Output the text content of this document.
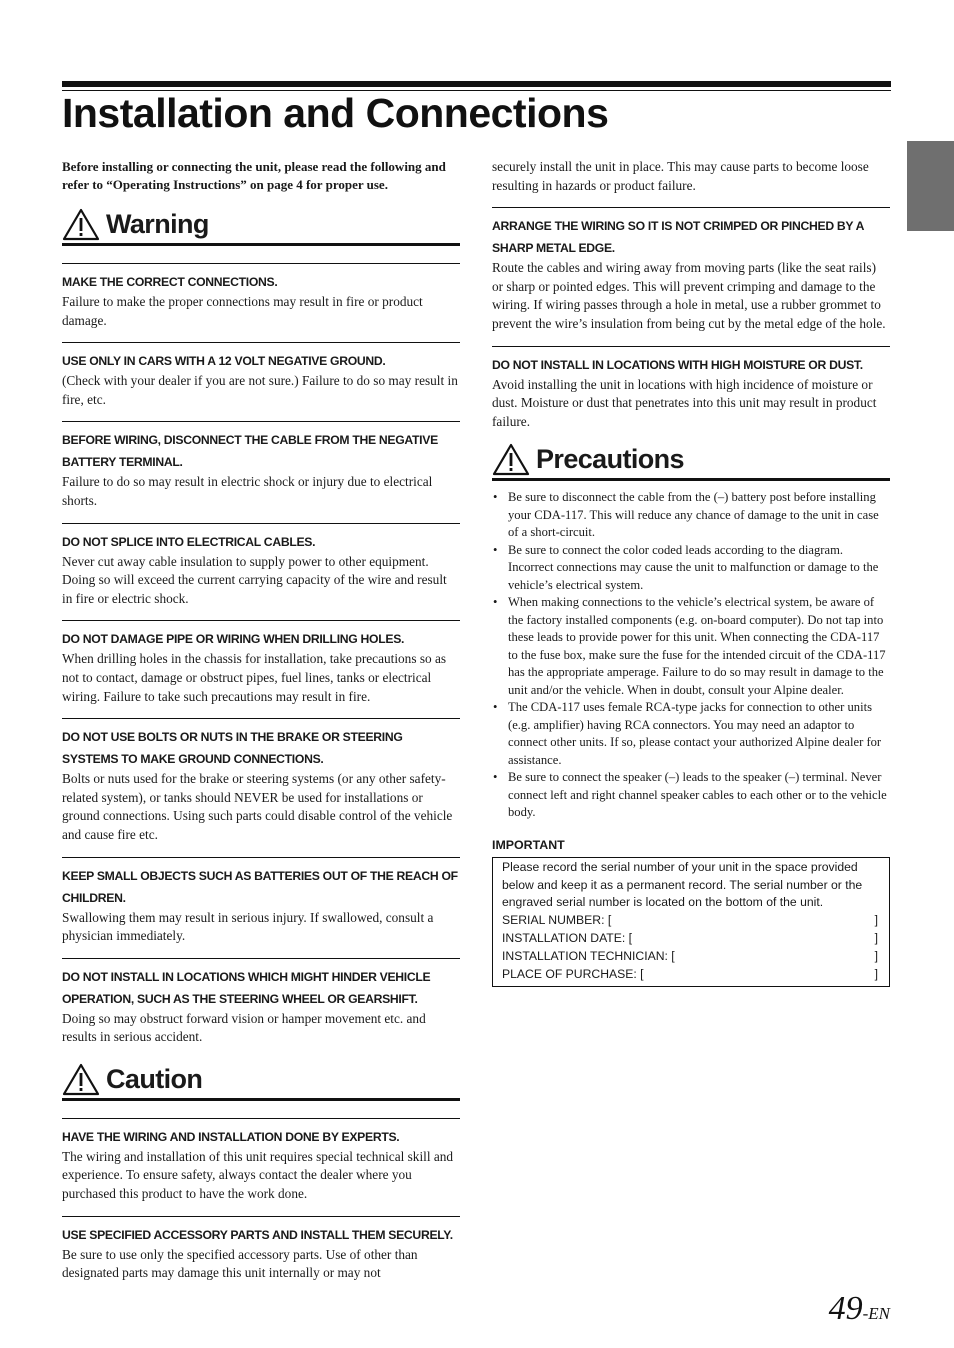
Installation and Connections

Before installing or connecting the unit, please read the following and refer to “Operating Instructions” on page 4 for proper use.

Warning

MAKE THE CORRECT CONNECTIONS.

Failure to make the proper connections may result in fire or product damage.

USE ONLY IN CARS WITH A 12 VOLT NEGATIVE GROUND.

(Check with your dealer if you are not sure.) Failure to do so may result in fire, etc.

BEFORE WIRING, DISCONNECT THE CABLE FROM THE NEGATIVE BATTERY TERMINAL.

Failure to do so may result in electric shock or injury due to electrical shorts.

DO NOT SPLICE INTO ELECTRICAL CABLES.

Never cut away cable insulation to supply power to other equipment. Doing so will exceed the current carrying capacity of the wire and result in fire or electric shock.

DO NOT DAMAGE PIPE OR WIRING WHEN DRILLING HOLES.

When drilling holes in the chassis for installation, take precautions so as not to contact, damage or obstruct pipes, fuel lines, tanks or electrical wiring. Failure to take such precautions may result in fire.

DO NOT USE BOLTS OR NUTS IN THE BRAKE OR STEERING SYSTEMS TO MAKE GROUND CONNECTIONS.

Bolts or nuts used for the brake or steering systems (or any other safety-related system), or tanks should NEVER be used for installations or ground connections. Using such parts could disable control of the vehicle and cause fire etc.

KEEP SMALL OBJECTS SUCH AS BATTERIES OUT OF THE REACH OF CHILDREN.

Swallowing them may result in serious injury. If swallowed, consult a physician immediately.

DO NOT INSTALL IN LOCATIONS WHICH MIGHT HINDER VEHICLE OPERATION, SUCH AS THE STEERING WHEEL OR GEARSHIFT.

Doing so may obstruct forward vision or hamper movement etc. and results in serious accident.

Caution

HAVE THE WIRING AND INSTALLATION DONE BY EXPERTS.

The wiring and installation of this unit requires special technical skill and experience. To ensure safety, always contact the dealer where you purchased this product to have the work done.

USE SPECIFIED ACCESSORY PARTS AND INSTALL THEM SECURELY.

Be sure to use only the specified accessory parts. Use of other than designated parts may damage this unit internally or may not

securely install the unit in place. This may cause parts to become loose resulting in hazards or product failure.

ARRANGE THE WIRING SO IT IS NOT CRIMPED OR PINCHED BY A SHARP METAL EDGE.

Route the cables and wiring away from moving parts (like the seat rails) or sharp or pointed edges. This will prevent crimping and damage to the wiring. If wiring passes through a hole in metal, use a rubber grommet to prevent the wire’s insulation from being cut by the metal edge of the hole.

DO NOT INSTALL IN LOCATIONS WITH HIGH MOISTURE OR DUST.

Avoid installing the unit in locations with high incidence of moisture or dust. Moisture or dust that penetrates into this unit may result in product failure.

Precautions
• Be sure to disconnect the cable from the (–) battery post before installing your CDA-117. This will reduce any chance of damage to the unit in case of a short-circuit.
• Be sure to connect the color coded leads according to the diagram. Incorrect connections may cause the unit to malfunction or damage to the vehicle’s electrical system.
• When making connections to the vehicle’s electrical system, be aware of the factory installed components (e.g. on-board computer). Do not tap into these leads to provide power for this unit. When connecting the CDA-117 to the fuse box, make sure the fuse for the intended circuit of the CDA-117 has the appropriate amperage. Failure to do so may result in damage to the unit and/or the vehicle. When in doubt, consult your Alpine dealer.
• The CDA-117 uses female RCA-type jacks for connection to other units (e.g. amplifier) having RCA connectors. You may need an adaptor to connect other units. If so, please contact your authorized Alpine dealer for assistance.
• Be sure to connect the speaker (–) leads to the speaker (–) terminal. Never connect left and right channel speaker cables to each other or to the vehicle body.

IMPORTANT

Please record the serial number of your unit in the space provided below and keep it as a permanent record. The serial number or the engraved serial number is located on the bottom of the unit.
SERIAL NUMBER: [	]
INSTALLATION DATE: [	]
INSTALLATION TECHNICIAN: [	]
PLACE OF PURCHASE: [	]
49-EN
